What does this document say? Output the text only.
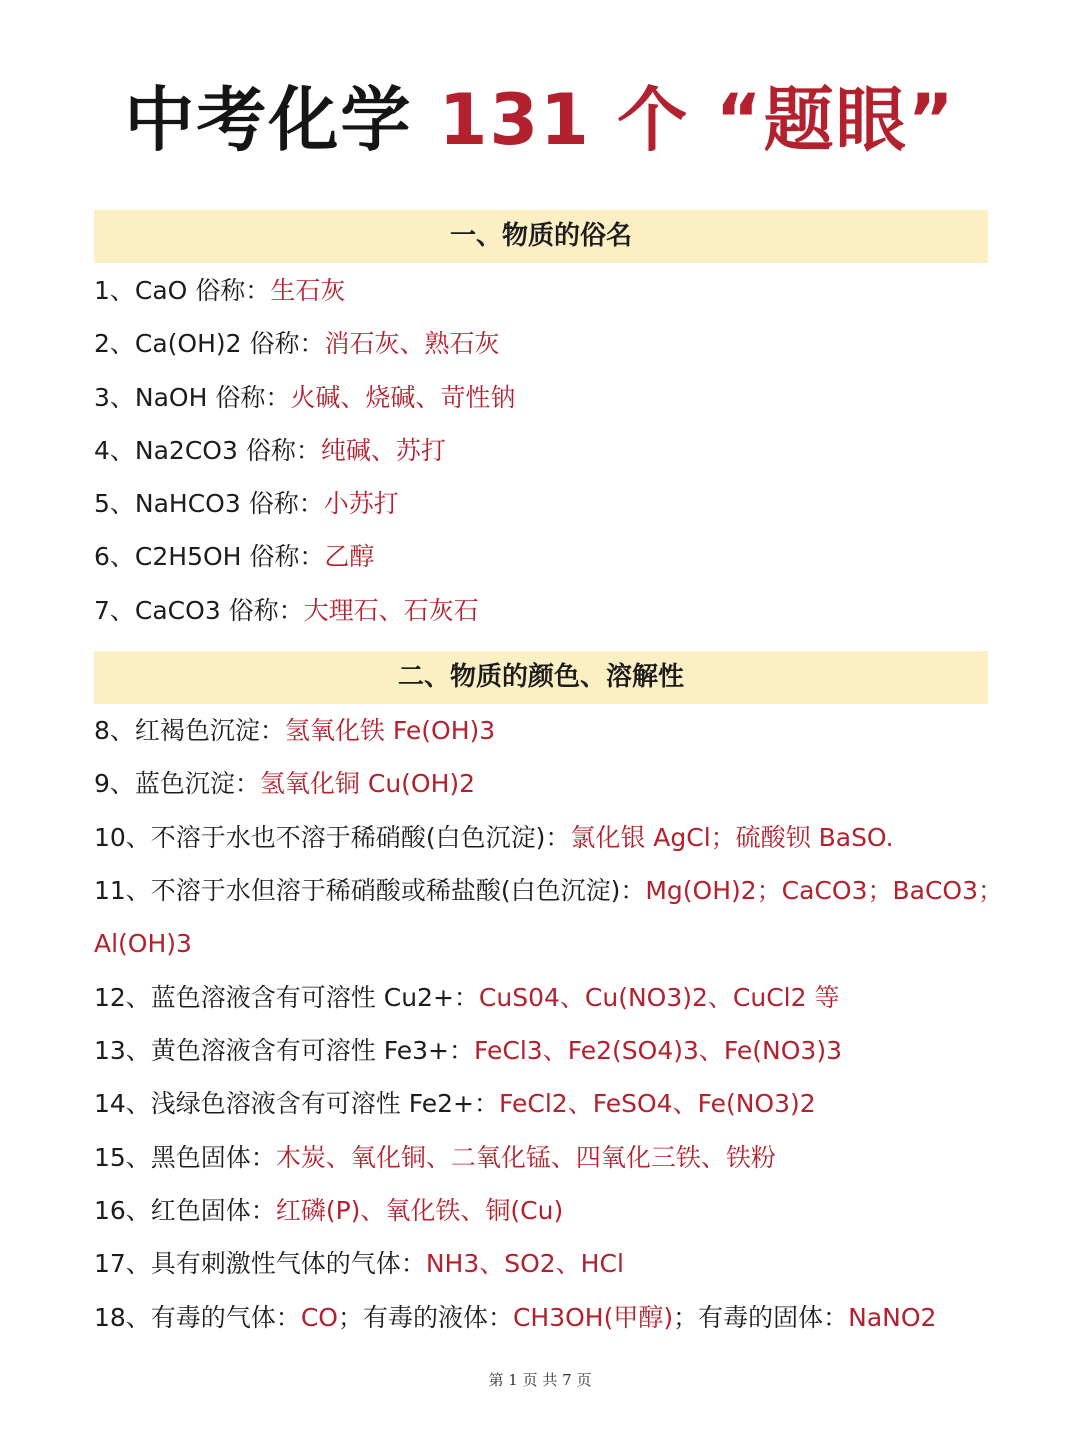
中考化学 131 个 “题眼”
一、物质的俗名
1、CaO 俗称：生石灰
2、Ca(OH)2 俗称：消石灰、熟石灰
3、NaOH 俗称：火碱、烧碱、苛性钠
4、Na2CO3 俗称：纯碱、苏打
5、NaHCO3 俗称：小苏打
6、C2H5OH 俗称：乙醇
7、CaCO3 俗称：大理石、石灰石
二、物质的颜色、溶解性
8、红褐色沉淀：氢氧化铁 Fe(OH)3
9、蓝色沉淀：氢氧化铜 Cu(OH)2
10、不溶于水也不溶于稀硝酸(白色沉淀)：氯化银 AgCl；硫酸钡 BaSO.
11、不溶于水但溶于稀硝酸或稀盐酸(白色沉淀)：Mg(OH)2；CaCO3；BaCO3；
Al(OH)3
12、蓝色溶液含有可溶性 Cu2+：CuS04、Cu(NO3)2、CuCl2 等
13、黄色溶液含有可溶性 Fe3+：FeCl3、Fe2(SO4)3、Fe(NO3)3
14、浅绿色溶液含有可溶性 Fe2+：FeCl2、FeSO4、Fe(NO3)2
15、黑色固体：木炭、氧化铜、二氧化锰、四氧化三铁、铁粉
16、红色固体：红磷(P)、氧化铁、铜(Cu)
17、具有刺激性气体的气体：NH3、SO2、HCl
18、有毒的气体：CO；有毒的液体：CH3OH(甲醇)；有毒的固体：NaNO2
第 1 页 共 7 页
